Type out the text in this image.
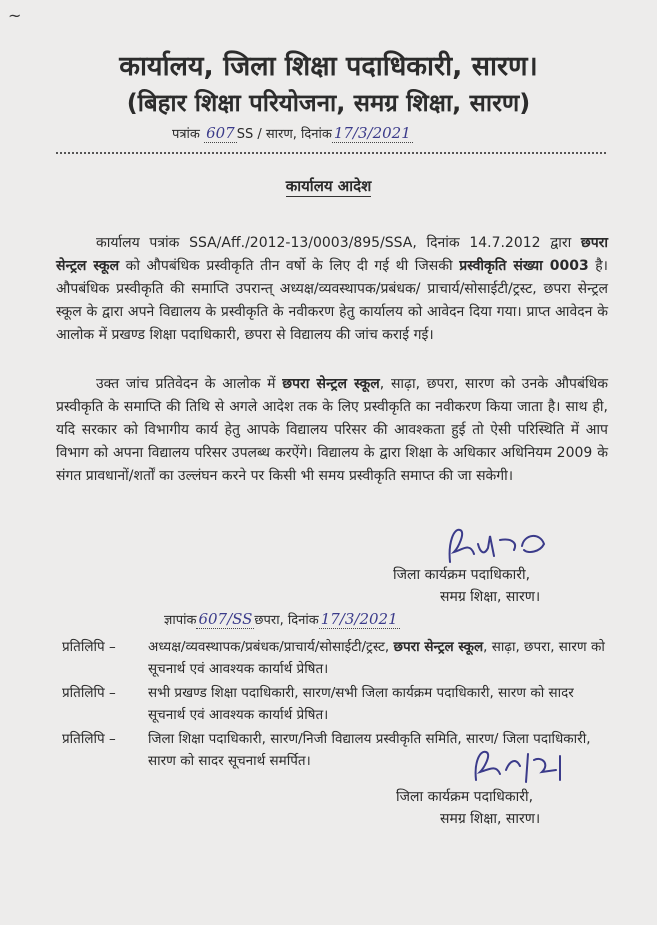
~
कार्यालय, जिला शिक्षा पदाधिकारी, सारण।
(बिहार शिक्षा परियोजना, समग्र शिक्षा, सारण)
पत्रांक 607 SS / सारण, दिनांक 17/3/2021
कार्यालय आदेश
कार्यालय पत्रांक SSA/Aff./2012-13/0003/895/SSA, दिनांक 14.7.2012 द्वारा छपरा सेन्ट्रल स्कूल को औपबंधिक प्रस्वीकृति तीन वर्षो के लिए दी गई थी जिसकी प्रस्वीकृति संख्या 0003 है। औपबंधिक प्रस्वीकृति की समाप्ति उपरान्त् अध्यक्ष/व्यवस्थापक/प्रबंधक/ प्राचार्य/सोसाईटी/ट्रस्ट, छपरा सेन्ट्रल स्कूल के द्वारा अपने विद्यालय के प्रस्वीकृति के नवीकरण हेतु कार्यालय को आवेदन दिया गया। प्राप्त आवेदन के आलोक में प्रखण्ड शिक्षा पदाधिकारी, छपरा से विद्यालय की जांच कराई गई।
उक्त जांच प्रतिवेदन के आलोक में छपरा सेन्ट्रल स्कूल, साढ़ा, छपरा, सारण को उनके औपबंधिक प्रस्वीकृति के समाप्ति की तिथि से अगले आदेश तक के लिए प्रस्वीकृति का नवीकरण किया जाता है। साथ ही, यदि सरकार को विभागीय कार्य हेतु आपके विद्यालय परिसर की आवश्कता हुई तो ऐसी परिस्थिति में आप विभाग को अपना विद्यालय परिसर उपलब्ध करऐंगे। विद्यालय के द्वारा शिक्षा के अधिकार अधिनियम 2009 के संगत प्रावधानों/शर्तों का उल्लंघन करने पर किसी भी समय प्रस्वीकृति समाप्त की जा सकेगी।
जिला कार्यक्रम पदाधिकारी,
समग्र शिक्षा, सारण।
ज्ञापांक 607/SS छपरा, दिनांक 17/3/2021
प्रतिलिपि – अध्यक्ष/व्यवस्थापक/प्रबंधक/प्राचार्य/सोसाईटी/ट्रस्ट, छपरा सेन्ट्रल स्कूल, साढ़ा, छपरा, सारण को सूचनार्थ एवं आवश्यक कार्यार्थ प्रेषित।
प्रतिलिपि – सभी प्रखण्ड शिक्षा पदाधिकारी, सारण/सभी जिला कार्यक्रम पदाधिकारी, सारण को सादर सूचनार्थ एवं आवश्यक कार्यार्थ प्रेषित।
प्रतिलिपि – जिला शिक्षा पदाधिकारी, सारण/निजी विद्यालय प्रस्वीकृति समिति, सारण/ जिला पदाधिकारी, सारण को सादर सूचनार्थ समर्पित।
जिला कार्यक्रम पदाधिकारी,
समग्र शिक्षा, सारण।
